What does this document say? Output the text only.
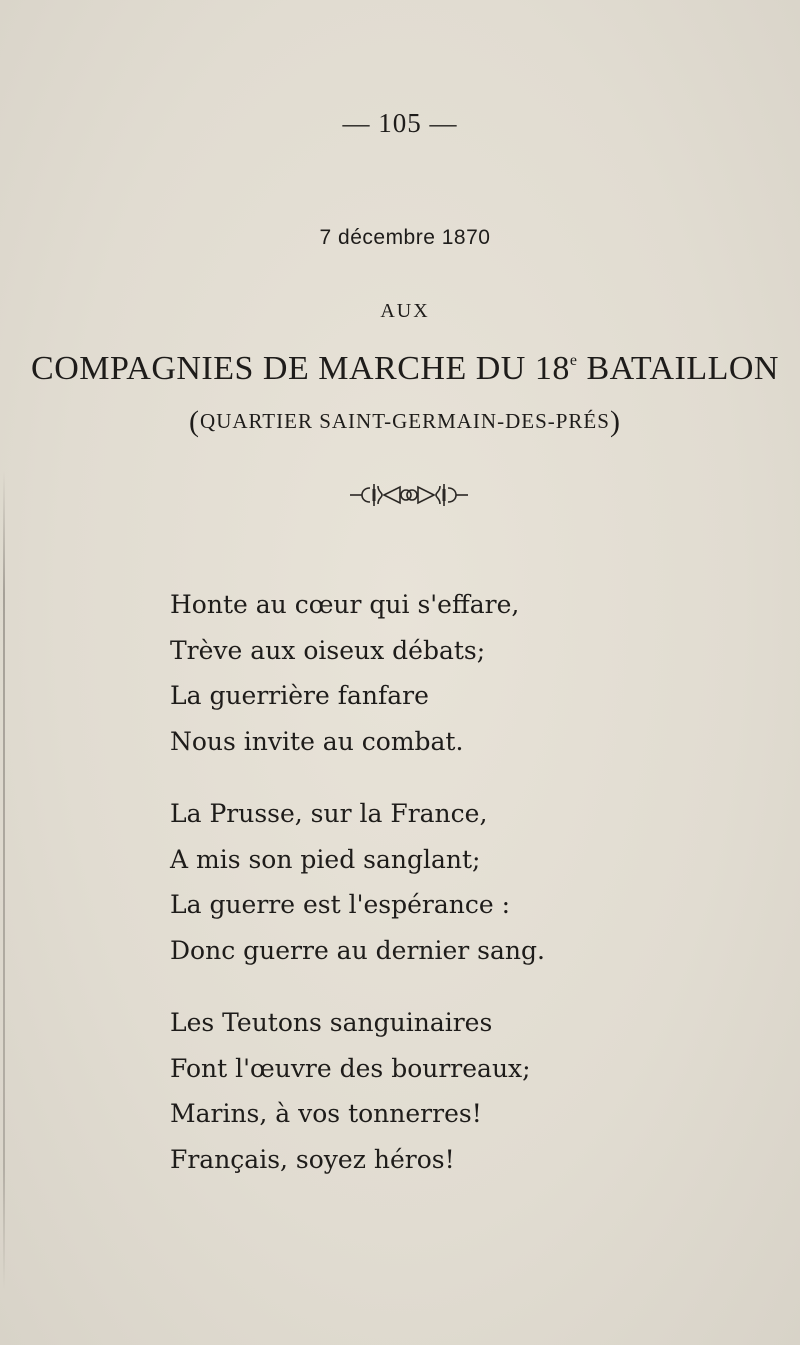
— 105 —
7 décembre 1870
AUX
COMPAGNIES DE MARCHE DU 18e BATAILLON
(QUARTIER SAINT-GERMAIN-DES-PRÉS)
Honte au cœur qui s'effare,
Trève aux oiseux débats;
La guerrière fanfare
Nous invite au combat.
La Prusse, sur la France,
A mis son pied sanglant;
La guerre est l'espérance :
Donc guerre au dernier sang.
Les Teutons sanguinaires
Font l'œuvre des bourreaux;
Marins, à vos tonnerres!
Français, soyez héros!
